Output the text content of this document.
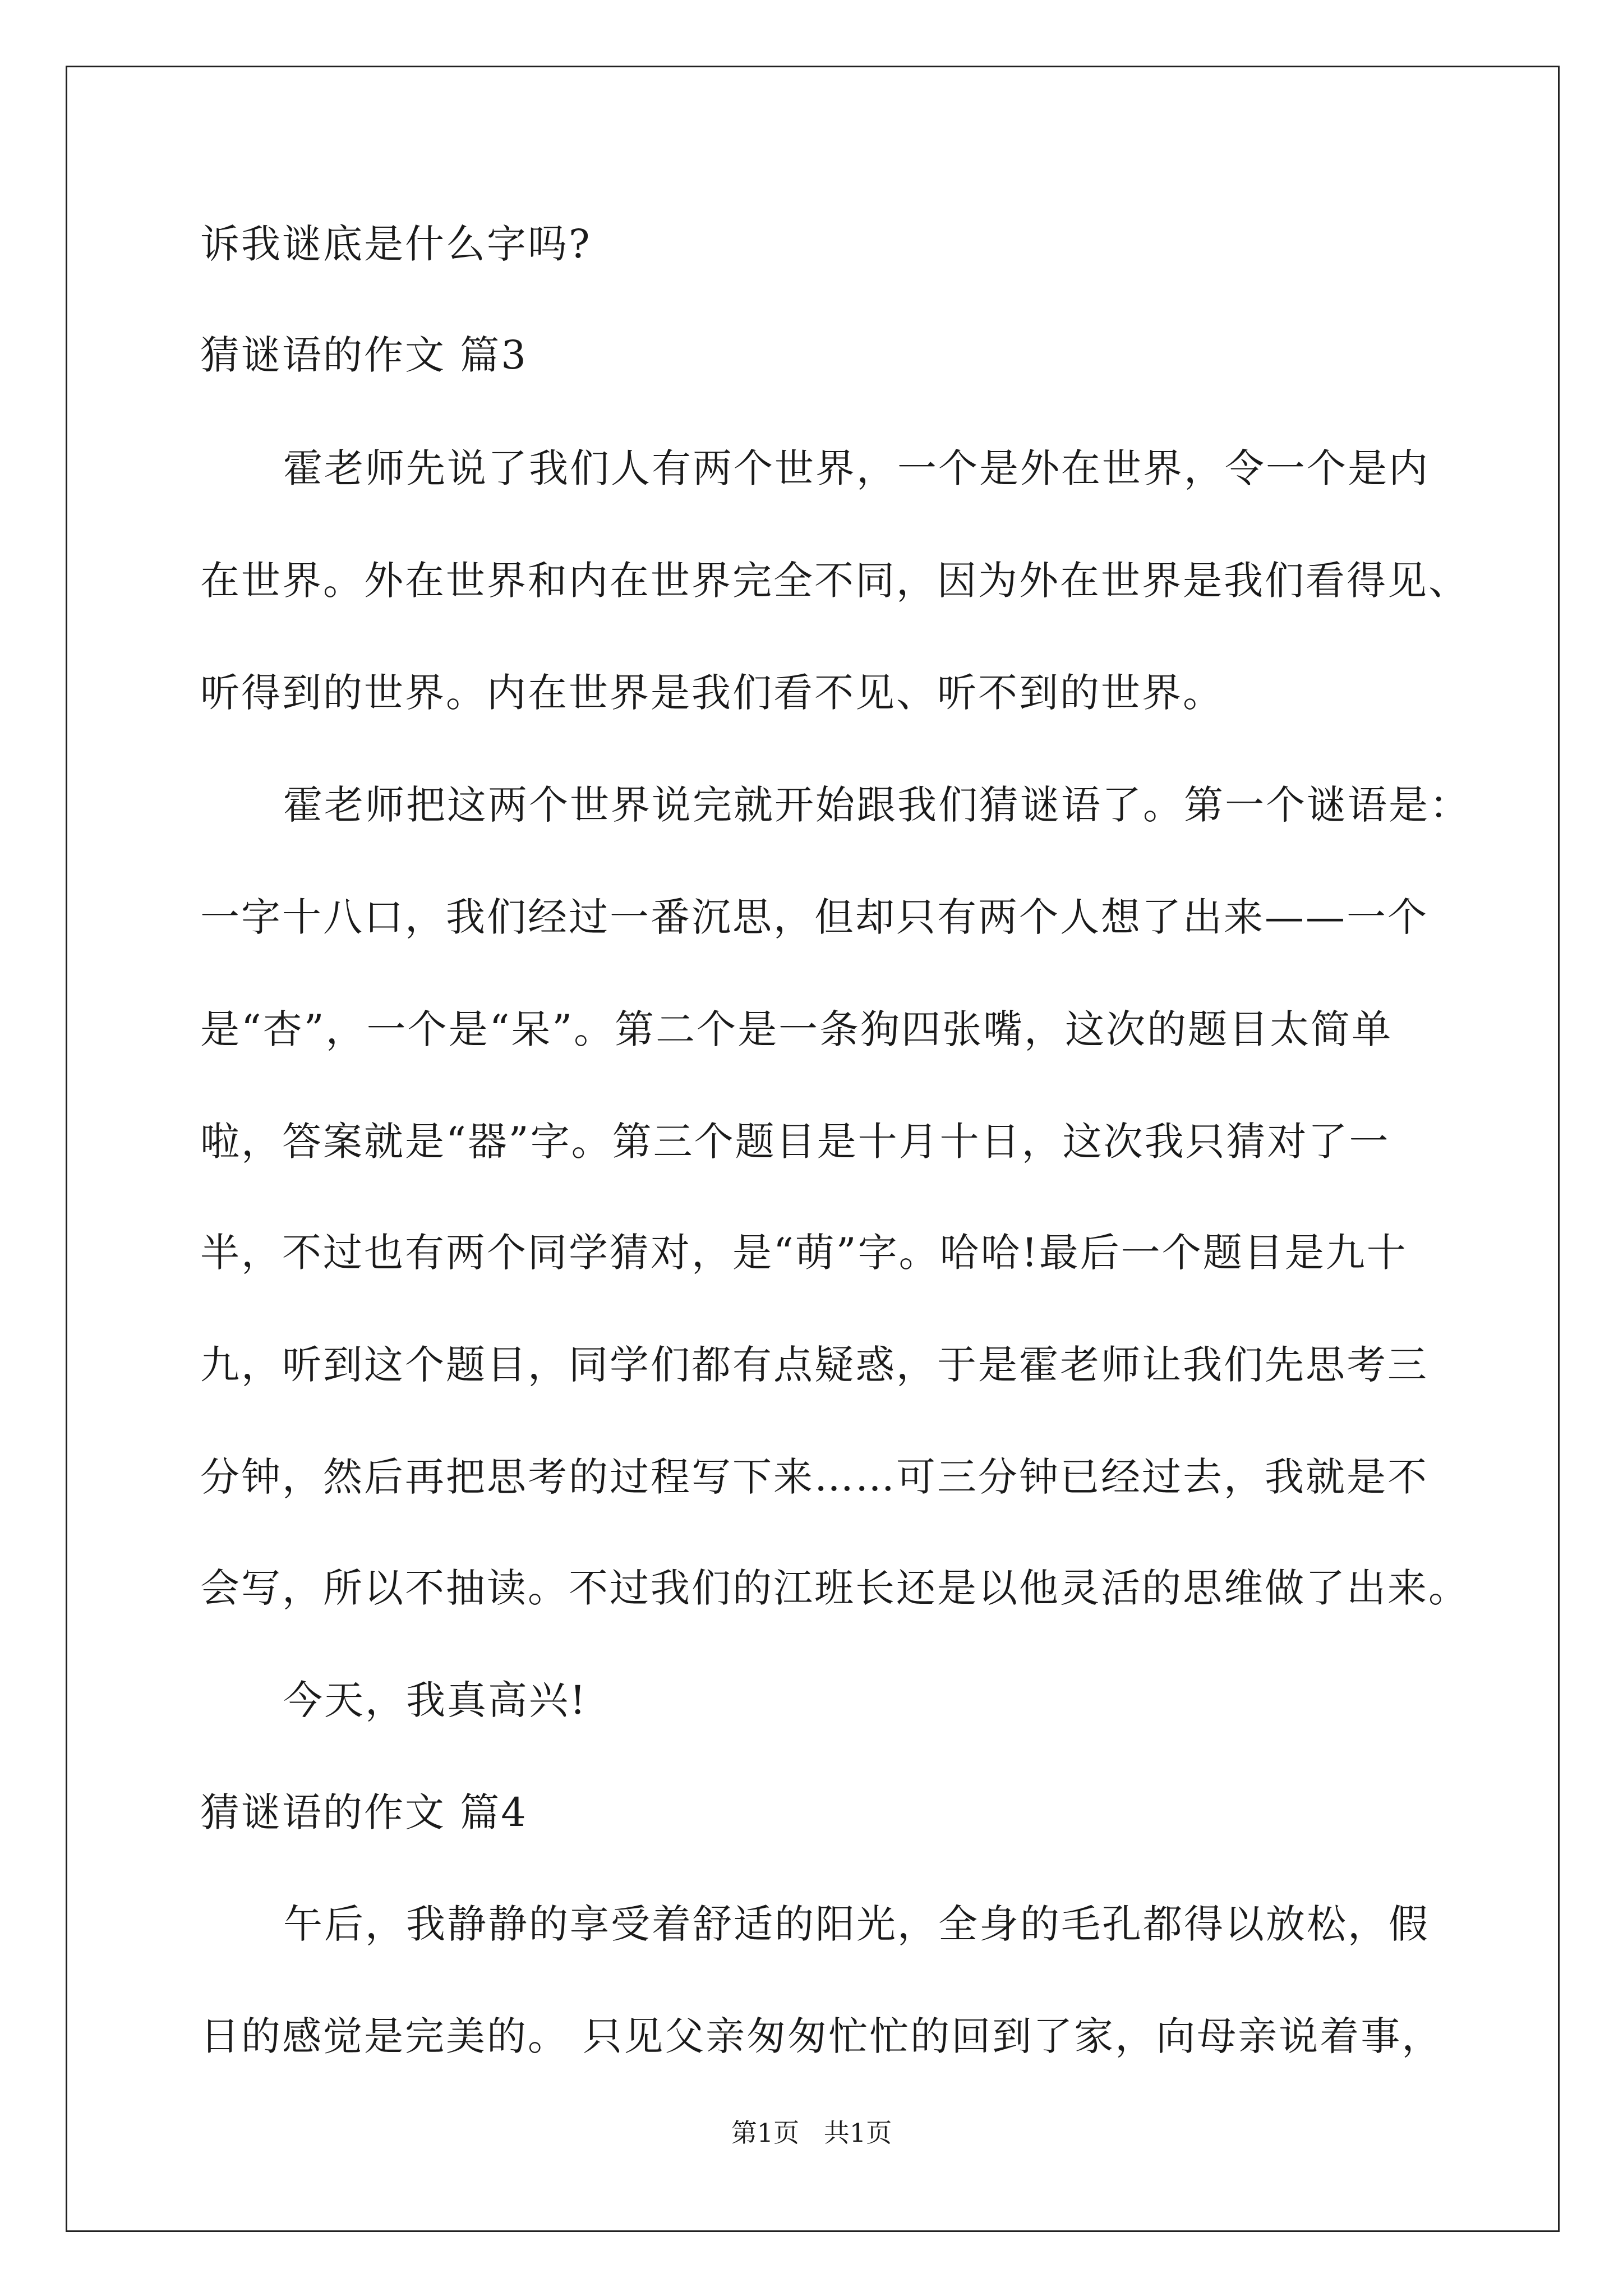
诉我谜底是什么字吗?
猜谜语的作文 篇3
霍老师先说了我们人有两个世界，一个是外在世界，令一个是内
在世界。外在世界和内在世界完全不同，因为外在世界是我们看得见、
听得到的世界。内在世界是我们看不见、听不到的世界。
霍老师把这两个世界说完就开始跟我们猜谜语了。第一个谜语是：
一字十八口，我们经过一番沉思，但却只有两个人想了出来——一个
是“杏”，一个是“呆”。第二个是一条狗四张嘴，这次的题目太简单
啦，答案就是“器”字。第三个题目是十月十日，这次我只猜对了一
半，不过也有两个同学猜对，是“萌”字。哈哈!最后一个题目是九十
九，听到这个题目，同学们都有点疑惑，于是霍老师让我们先思考三
分钟，然后再把思考的过程写下来……可三分钟已经过去，我就是不
会写，所以不抽读。不过我们的江班长还是以他灵活的思维做了出来。
今天，我真高兴!
猜谜语的作文 篇4
午后，我静静的享受着舒适的阳光，全身的毛孔都得以放松，假
日的感觉是完美的。 只见父亲匆匆忙忙的回到了家，向母亲说着事，
第1页   共1页
